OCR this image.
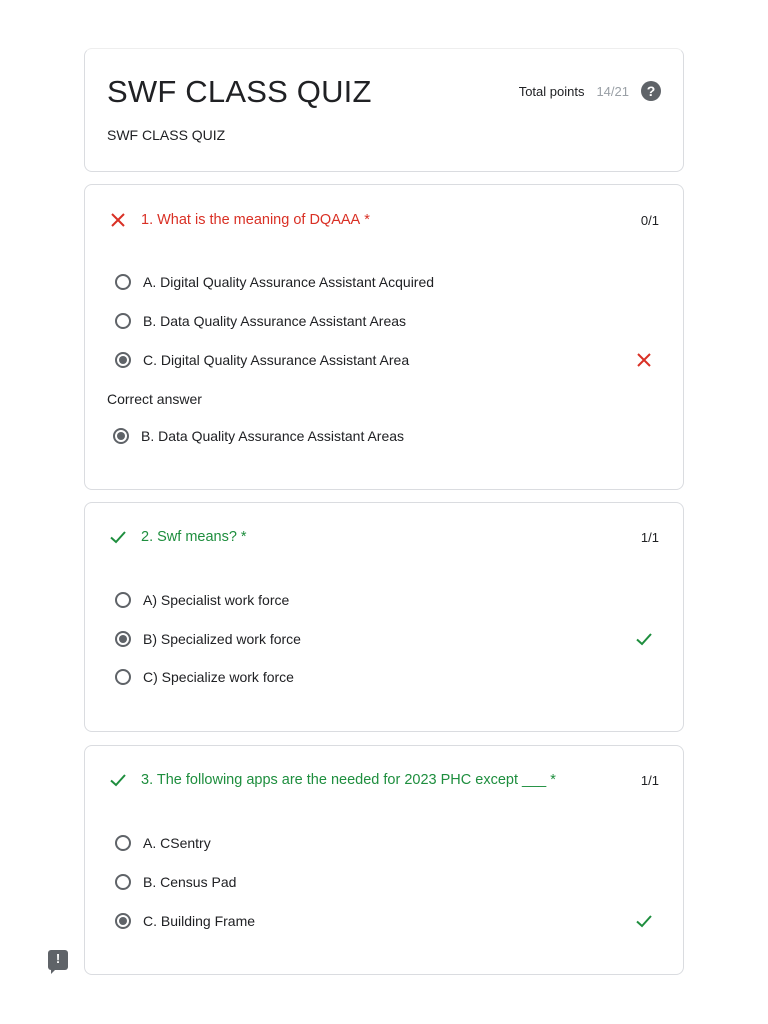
SWF CLASS QUIZ
SWF CLASS QUIZ
Total points 14/21	?
1. What is the meaning of DQAAA *	0/1
A. Digital Quality Assurance Assistant Acquired
B. Data Quality Assurance Assistant Areas
C. Digital Quality Assurance Assistant Area
Correct answer
B. Data Quality Assurance Assistant Areas
2. Swf means? *	1/1
A) Specialist work force
B) Specialized work force
C) Specialize work force
3. The following apps are the needed for 2023 PHC except ___ *	1/1
A. CSentry
B. Census Pad
C. Building Frame
!
